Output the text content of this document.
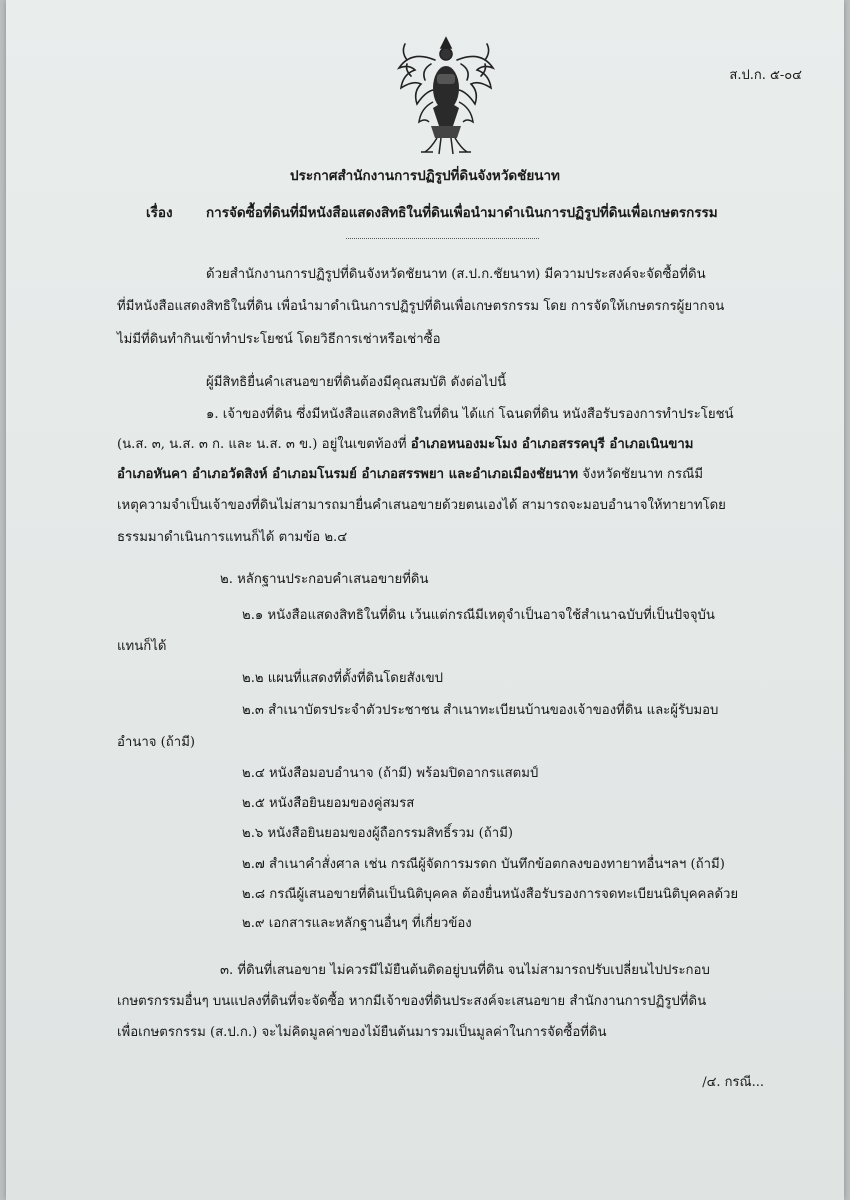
ส.ป.ก. ๕-๐๔
ประกาศสำนักงานการปฏิรูปที่ดินจังหวัดชัยนาท
เรื่อง การจัดซื้อที่ดินที่มีหนังสือแสดงสิทธิในที่ดินเพื่อนำมาดำเนินการปฏิรูปที่ดินเพื่อเกษตรกรรม
ด้วยสำนักงานการปฏิรูปที่ดินจังหวัดชัยนาท (ส.ป.ก.ชัยนาท) มีความประสงค์จะจัดซื้อที่ดิน
ที่มีหนังสือแสดงสิทธิในที่ดิน เพื่อนำมาดำเนินการปฏิรูปที่ดินเพื่อเกษตรกรรม โดย การจัดให้เกษตรกรผู้ยากจน
ไม่มีที่ดินทำกินเข้าทำประโยชน์ โดยวิธีการเช่าหรือเช่าซื้อ
ผู้มีสิทธิยื่นคำเสนอขายที่ดินต้องมีคุณสมบัติ ดังต่อไปนี้
๑. เจ้าของที่ดิน ซึ่งมีหนังสือแสดงสิทธิในที่ดิน ได้แก่ โฉนดที่ดิน หนังสือรับรองการทำประโยชน์
(น.ส. ๓, น.ส. ๓ ก. และ น.ส. ๓ ข.) อยู่ในเขตท้องที่ อำเภอหนองมะโมง อำเภอสรรคบุรี อำเภอเนินขาม
อำเภอหันคา อำเภอวัดสิงห์ อำเภอมโนรมย์ อำเภอสรรพยา และอำเภอเมืองชัยนาท จังหวัดชัยนาท กรณีมี
เหตุความจำเป็นเจ้าของที่ดินไม่สามารถมายื่นคำเสนอขายด้วยตนเองได้ สามารถจะมอบอำนาจให้ทายาทโดย
ธรรมมาดำเนินการแทนก็ได้ ตามข้อ ๒.๔
๒. หลักฐานประกอบคำเสนอขายที่ดิน
๒.๑ หนังสือแสดงสิทธิในที่ดิน เว้นแต่กรณีมีเหตุจำเป็นอาจใช้สำเนาฉบับที่เป็นปัจจุบัน
แทนก็ได้
๒.๒ แผนที่แสดงที่ตั้งที่ดินโดยสังเขป
๒.๓ สำเนาบัตรประจำตัวประชาชน สำเนาทะเบียนบ้านของเจ้าของที่ดิน และผู้รับมอบ
อำนาจ (ถ้ามี)
๒.๔ หนังสือมอบอำนาจ (ถ้ามี) พร้อมปิดอากรแสตมป์
๒.๕ หนังสือยินยอมของคู่สมรส
๒.๖ หนังสือยินยอมของผู้ถือกรรมสิทธิ์รวม (ถ้ามี)
๒.๗ สำเนาคำสั่งศาล เช่น กรณีผู้จัดการมรดก บันทึกข้อตกลงของทายาทอื่นฯลฯ (ถ้ามี)
๒.๘ กรณีผู้เสนอขายที่ดินเป็นนิติบุคคล ต้องยื่นหนังสือรับรองการจดทะเบียนนิติบุคคลด้วย
๒.๙ เอกสารและหลักฐานอื่นๆ ที่เกี่ยวข้อง
๓. ที่ดินที่เสนอขาย ไม่ควรมีไม้ยืนต้นติดอยู่บนที่ดิน จนไม่สามารถปรับเปลี่ยนไปประกอบ
เกษตรกรรมอื่นๆ บนแปลงที่ดินที่จะจัดซื้อ หากมีเจ้าของที่ดินประสงค์จะเสนอขาย สำนักงานการปฏิรูปที่ดิน
เพื่อเกษตรกรรม (ส.ป.ก.) จะไม่คิดมูลค่าของไม้ยืนต้นมารวมเป็นมูลค่าในการจัดซื้อที่ดิน
/๔. กรณี...
